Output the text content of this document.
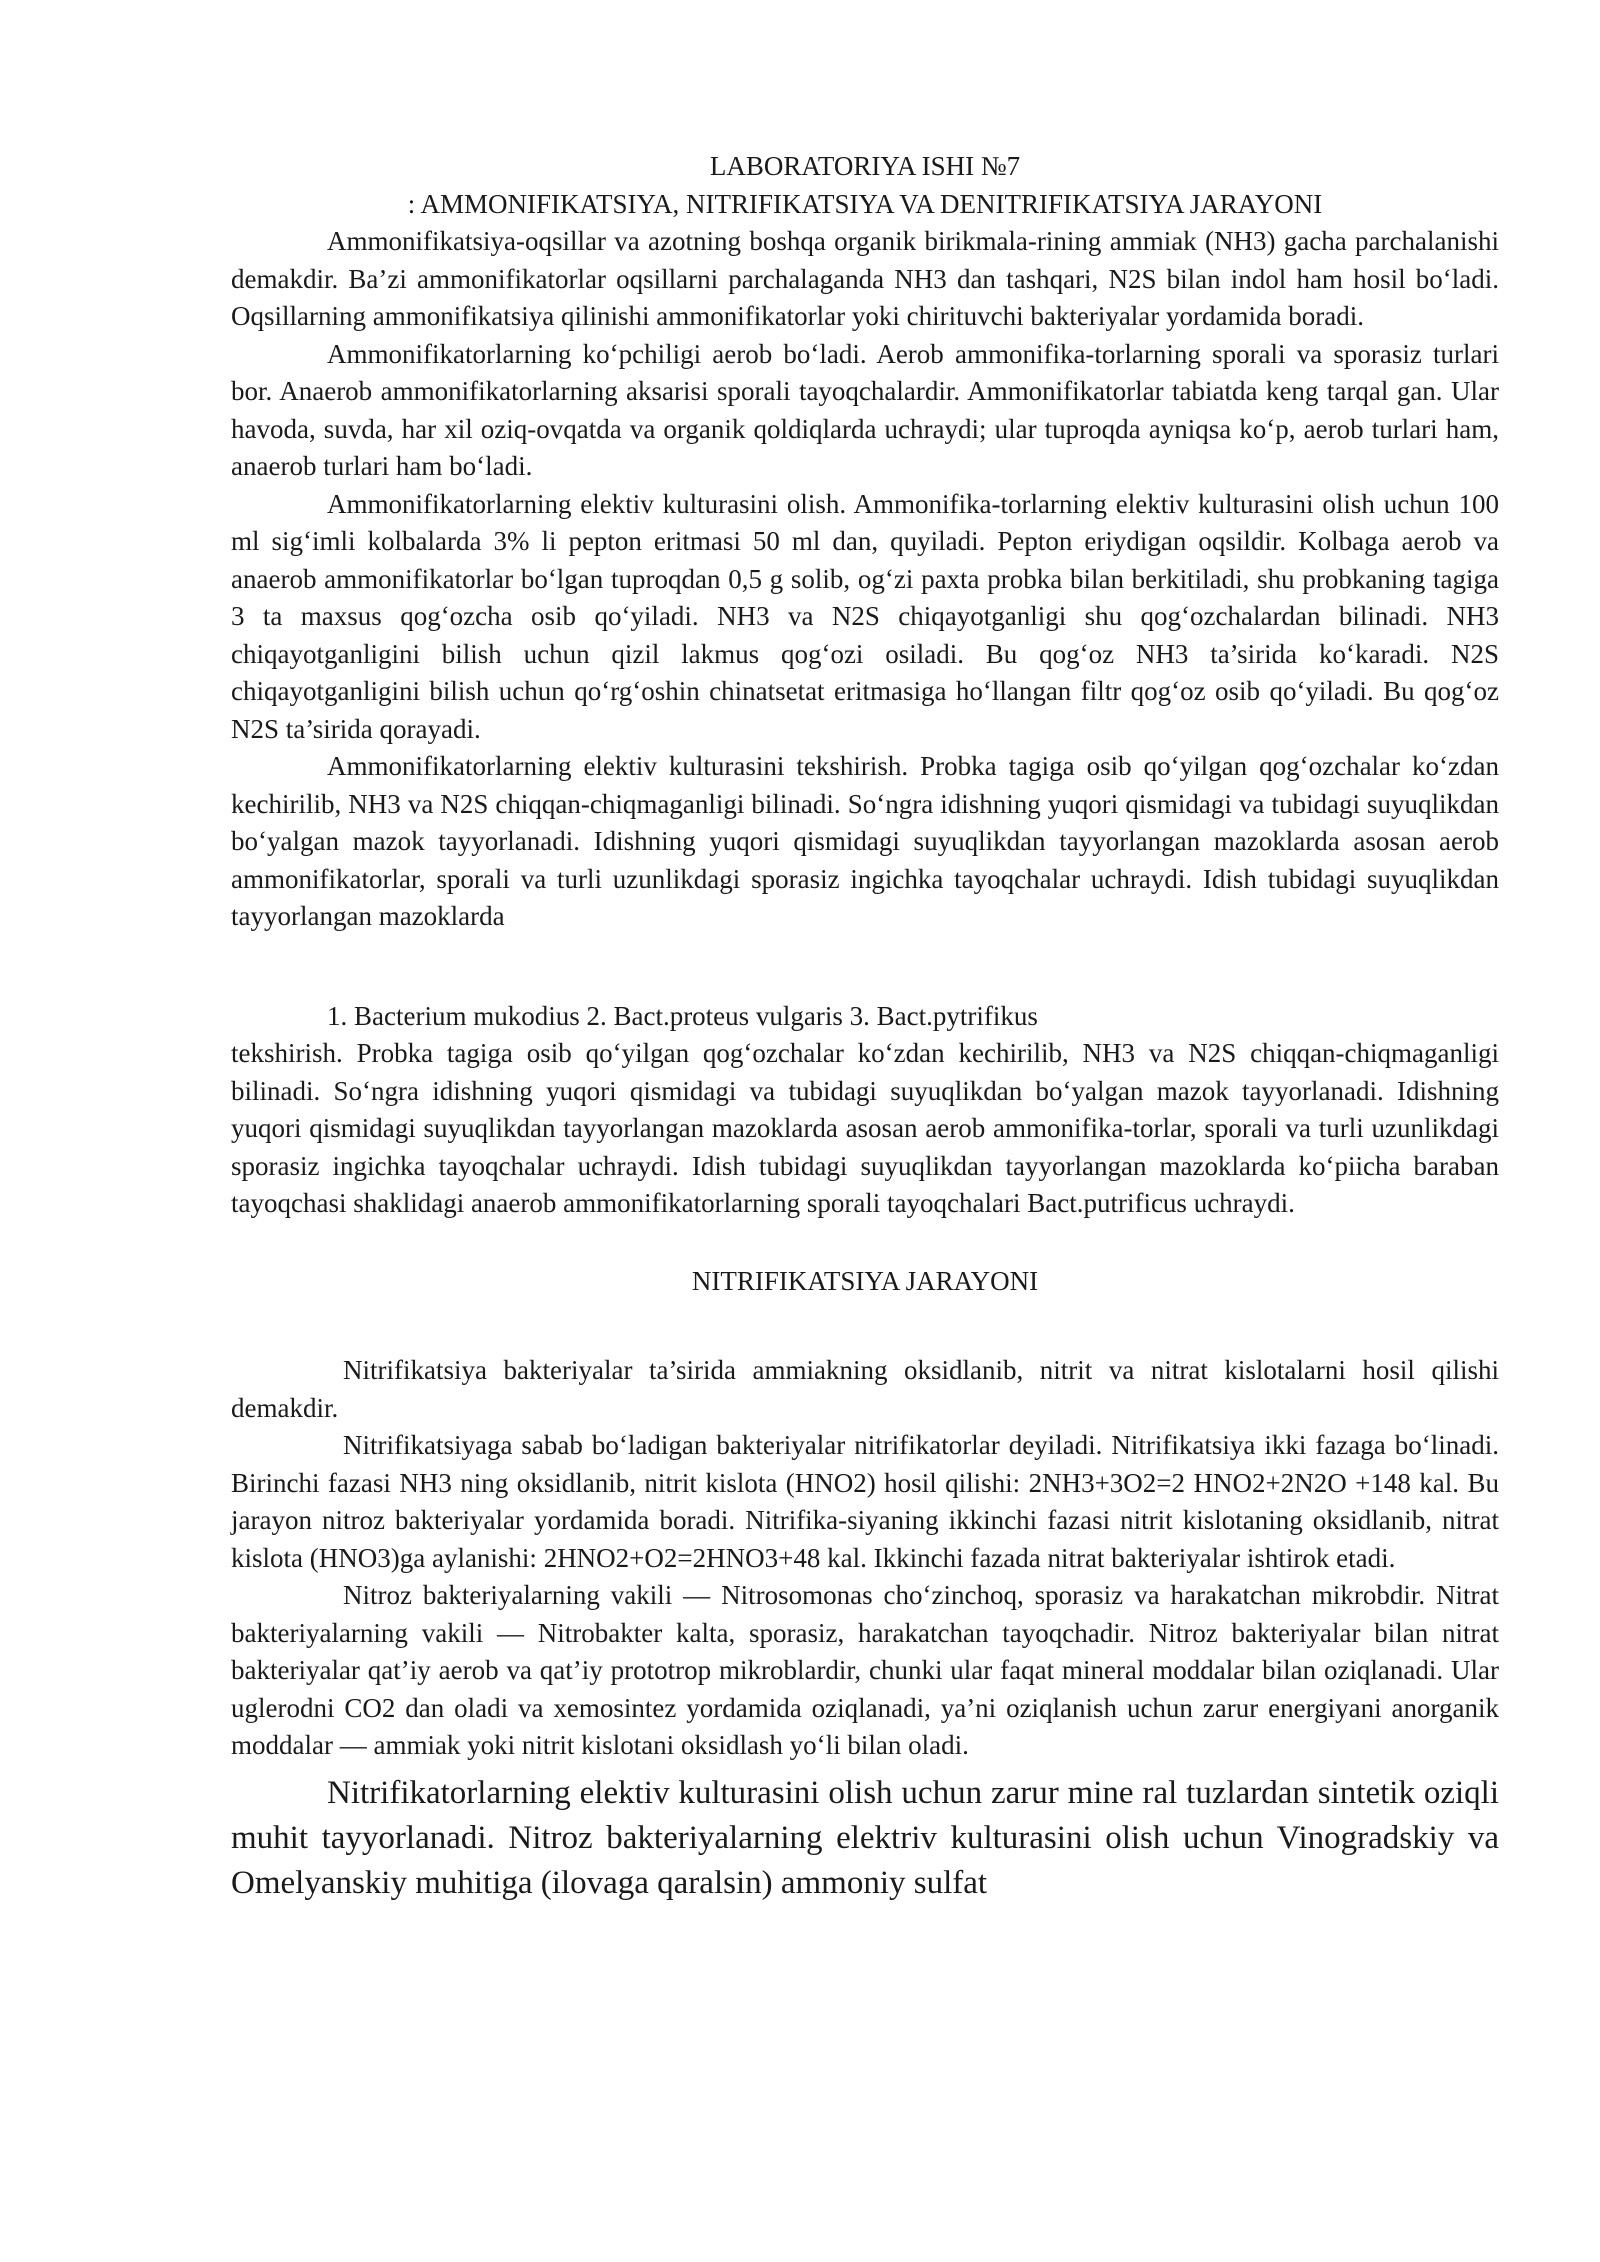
LABORATORIYA ISHI №7
: AMMONIFIKATSIYA, NITRIFIKATSIYA VA DENITRIFIKATSIYA JARAYONI

Ammonifikatsiya-oqsillar va azotning boshqa organik birikmala-rining ammiak (NH3) gacha parchalanishi demakdir. Ba’zi ammonifikatorlar oqsillarni parchalaganda NH3 dan tashqari, N2S bilan indol ham hosil bo‘ladi. Oqsillarning ammonifikatsiya qilinishi ammonifikatorlar yoki chirituvchi bakteriyalar yordamida boradi.

Ammonifikatorlarning ko‘pchiligi aerob bo‘ladi. Aerob ammonifika-torlarning sporali va sporasiz turlari bor. Anaerob ammonifikatorlarning aksarisi sporali tayoqchalardir. Ammonifikatorlar tabiatda keng tarqal gan. Ular havoda, suvda, har xil oziq-ovqatda va organik qoldiqlarda uchraydi; ular tuproqda ayniqsa ko‘p, aerob turlari ham, anaerob turlari ham bo‘ladi.

Ammonifikatorlarning elektiv kulturasini olish. Ammonifika-torlarning elektiv kulturasini olish uchun 100 ml sig‘imli kolbalarda 3% li pepton eritmasi 50 ml dan, quyiladi. Pepton eriydigan oqsildir. Kolbaga aerob va anaerob ammonifikatorlar bo‘lgan tuproqdan 0,5 g solib, og‘zi paxta probka bilan berkitiladi, shu probkaning tagiga 3 ta maxsus qog‘ozcha osib qo‘yiladi. NH3 va N2S chiqayotganligi shu qog‘ozchalardan bilinadi. NH3 chiqayotganligini bilish uchun qizil lakmus qog‘ozi osiladi. Bu qog‘oz NH3 ta’sirida ko‘karadi. N2S chiqayotganligini bilish uchun qo‘rg‘oshin chinatsetat eritmasiga ho‘llangan filtr qog‘oz osib qo‘yiladi. Bu qog‘oz N2S ta’sirida qorayadi.

Ammonifikatorlarning elektiv kulturasini tekshirish. Probka tagiga osib qo‘yilgan qog‘ozchalar ko‘zdan kechirilib, NH3 va N2S chiqqan-chiqmaganligi bilinadi. So‘ngra idishning yuqori qismidagi va tubidagi suyuqlikdan bo‘yalgan mazok tayyorlanadi. Idishning yuqori qismidagi suyuqlikdan tayyorlangan mazoklarda asosan aerob ammonifikatorlar, sporali va turli uzunlikdagi sporasiz ingichka tayoqchalar uchraydi. Idish tubidagi suyuqlikdan tayyorlangan mazoklarda

1. Bacterium mukodius 2. Bact.proteus vulgaris 3. Bact.pytrifikus

tekshirish. Probka tagiga osib qo‘yilgan qog‘ozchalar ko‘zdan kechirilib, NH3 va N2S chiqqan-chiqmaganligi bilinadi. So‘ngra idishning yuqori qismidagi va tubidagi suyuqlikdan bo‘yalgan mazok tayyorlanadi. Idishning yuqori qismidagi suyuqlikdan tayyorlangan mazoklarda asosan aerob ammonifika-torlar, sporali va turli uzunlikdagi sporasiz ingichka tayoqchalar uchraydi. Idish tubidagi suyuqlikdan tayyorlangan mazoklarda ko‘piicha baraban tayoqchasi shaklidagi anaerob ammonifikatorlarning sporali tayoqchalari Bact.putrificus uchraydi.

NITRIFIKATSIYA JARAYONI

Nitrifikatsiya bakteriyalar ta’sirida ammiakning oksidlanib, nitrit va nitrat kislotalarni hosil qilishi demakdir.

Nitrifikatsiyaga sabab bo‘ladigan bakteriyalar nitrifikatorlar deyiladi. Nitrifikatsiya ikki fazaga bo‘linadi. Birinchi fazasi NH3 ning oksidlanib, nitrit kislota (HNO2) hosil qilishi: 2NH3+3O2=2 HNO2+2N2O +148 kal. Bu jarayon nitroz bakteriyalar yordamida boradi. Nitrifika-siyaning ikkinchi fazasi nitrit kislotaning oksidlanib, nitrat kislota (HNO3)ga aylanishi: 2HNO2+O2=2HNO3+48 kal. Ikkinchi fazada nitrat bakteriyalar ishtirok etadi.

Nitroz bakteriyalarning vakili — Nitrosomonas cho‘zinchoq, sporasiz va harakatchan mikrobdir. Nitrat bakteriyalarning vakili — Nitrobakter kalta, sporasiz, harakatchan tayoqchadir. Nitroz bakteriyalar bilan nitrat bakteriyalar qat’iy aerob va qat’iy prototrop mikroblardir, chunki ular faqat mineral moddalar bilan oziqlanadi. Ular uglerodni CO2 dan oladi va xemosintez yordamida oziqlanadi, ya’ni oziqlanish uchun zarur energiyani anorganik moddalar — ammiak yoki nitrit kislotani oksidlash yo‘li bilan oladi.

Nitrifikatorlarning elektiv kulturasini olish uchun zarur mine ral tuzlardan sintetik oziqli muhit tayyorlanadi. Nitroz bakteriyalarning elektriv kulturasini olish uchun Vinogradskiy va Omelyanskiy muhitiga (ilovaga qaralsin) ammoniy sulfat
